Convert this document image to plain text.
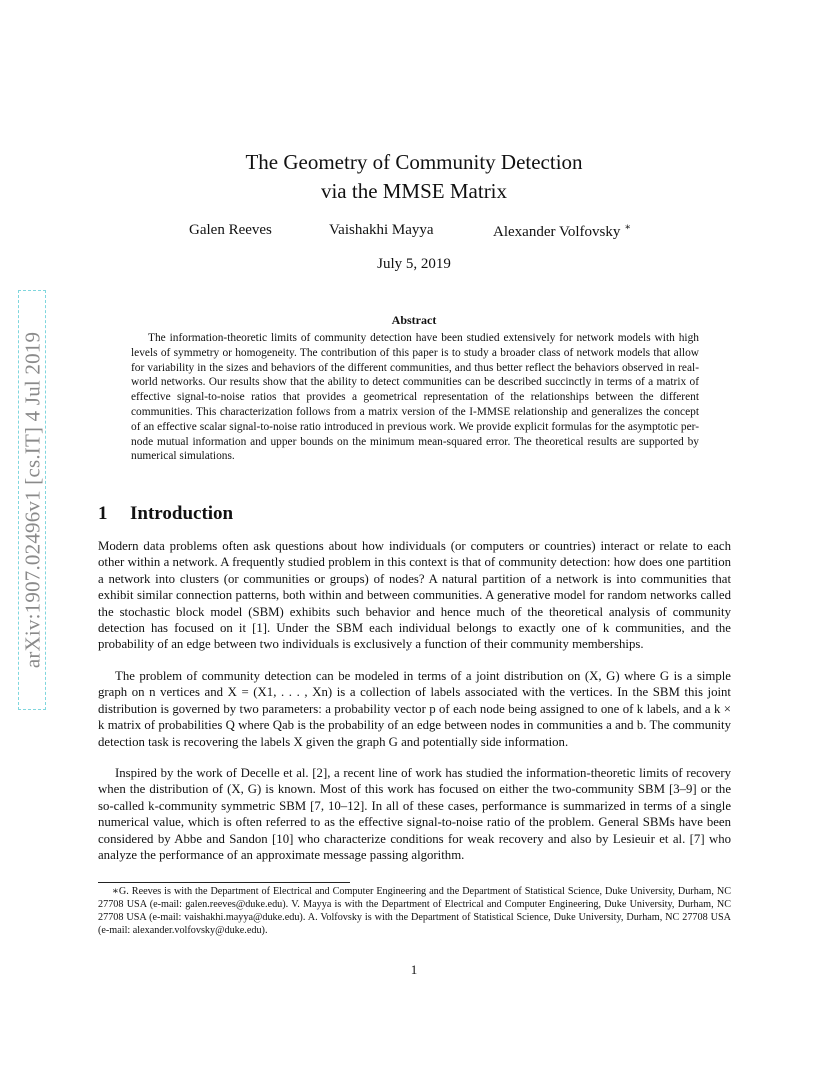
arXiv:1907.02496v1 [cs.IT] 4 Jul 2019
The Geometry of Community Detection
via the MMSE Matrix
Galen Reeves	Vaishakhi Mayya	Alexander Volfovsky ∗
July 5, 2019
Abstract

The information-theoretic limits of community detection have been studied extensively for network models with high levels of symmetry or homogeneity. The contribution of this paper is to study a broader class of network models that allow for variability in the sizes and behaviors of the different communities, and thus better reflect the behaviors observed in real-world networks. Our results show that the ability to detect communities can be described succinctly in terms of a matrix of effective signal-to-noise ratios that provides a geometrical representation of the relationships between the different communities. This characterization follows from a matrix version of the I-MMSE relationship and generalizes the concept of an effective scalar signal-to-noise ratio introduced in previous work. We provide explicit formulas for the asymptotic per-node mutual information and upper bounds on the minimum mean-squared error. The theoretical results are supported by numerical simulations.

1 Introduction

Modern data problems often ask questions about how individuals (or computers or countries) interact or relate to each other within a network. A frequently studied problem in this context is that of community detection: how does one partition a network into clusters (or communities or groups) of nodes? A natural partition of a network is into communities that exhibit similar connection patterns, both within and between communities. A generative model for random networks called the stochastic block model (SBM) exhibits such behavior and hence much of the theoretical analysis of community detection has focused on it [1]. Under the SBM each individual belongs to exactly one of k communities, and the probability of an edge between two individuals is exclusively a function of their community memberships.

The problem of community detection can be modeled in terms of a joint distribution on (X, G) where G is a simple graph on n vertices and X = (X1, . . . , Xn) is a collection of labels associated with the vertices. In the SBM this joint distribution is governed by two parameters: a probability vector p of each node being assigned to one of k labels, and a k × k matrix of probabilities Q where Qab is the probability of an edge between nodes in communities a and b. The community detection task is recovering the labels X given the graph G and potentially side information.

Inspired by the work of Decelle et al. [2], a recent line of work has studied the information-theoretic limits of recovery when the distribution of (X, G) is known. Most of this work has focused on either the two-community SBM [3–9] or the so-called k-community symmetric SBM [7, 10–12]. In all of these cases, performance is summarized in terms of a single numerical value, which is often referred to as the effective signal-to-noise ratio of the problem. General SBMs have been considered by Abbe and Sandon [10] who characterize conditions for weak recovery and also by Lesieuir et al. [7] who analyze the performance of an approximate message passing algorithm.

∗G. Reeves is with the Department of Electrical and Computer Engineering and the Department of Statistical Science, Duke University, Durham, NC 27708 USA (e-mail: galen.reeves@duke.edu). V. Mayya is with the Department of Electrical and Computer Engineering, Duke University, Durham, NC 27708 USA (e-mail: vaishakhi.mayya@duke.edu). A. Volfovsky is with the Department of Statistical Science, Duke University, Durham, NC 27708 USA (e-mail: alexander.volfovsky@duke.edu).

1
